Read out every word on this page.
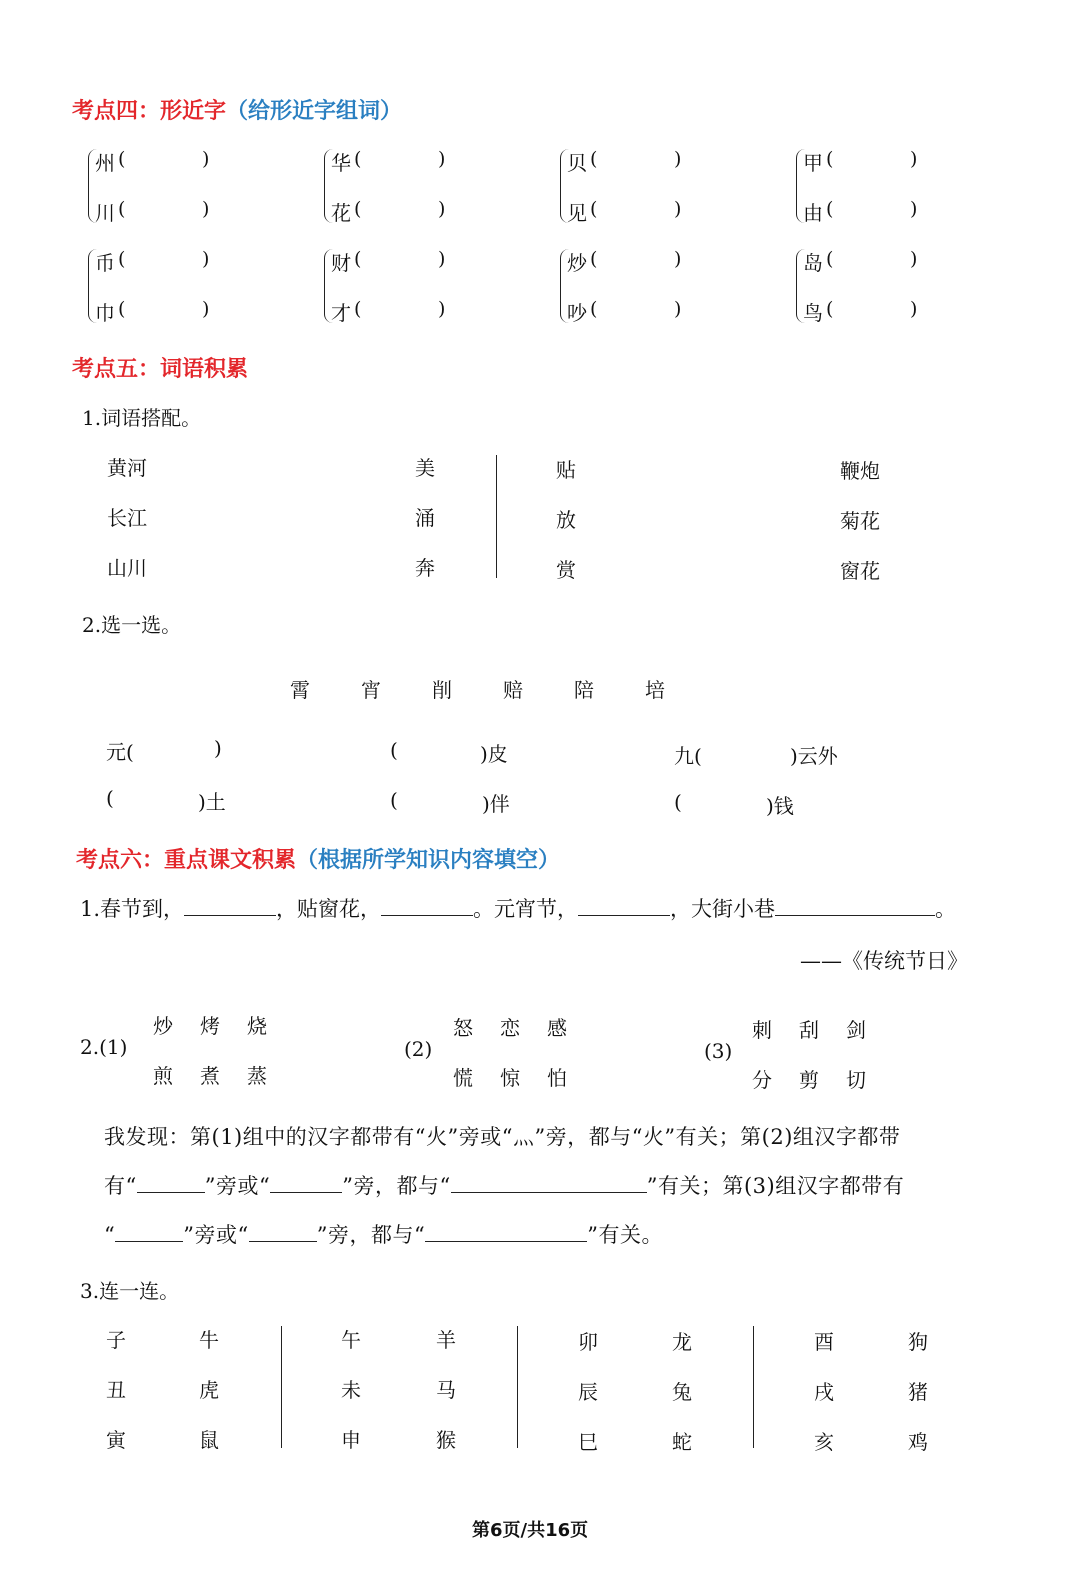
考点四：形近字（给形近字组词）
州 (	)
川 (	)
华 (	)
花 (	)
贝 (	)
见 (	)
甲 (	)
由 (	)
币 (	)
巾 (	)
财 (	)
才 (	)
炒 (	)
吵 (	)
岛 (	)
鸟 (	)
考点五：词语积累
1.词语搭配。
黄河	美	贴	鞭炮
长江	涌	放	菊花
山川	奔	赏	窗花
2.选一选。
霄	宵	削	赔	陪	培
元(	)	(	)皮	九(	)云外
(	)土	(	)伴	(	)钱
考点六：重点课文积累（根据所学知识内容填空）
1.春节到，	，贴窗花，	。元宵节，	，大街小巷	。
——《传统节日》
2.(1)	(2)	(3)
炒 烤 烧
煎 煮 蒸
怒 恋 感
慌 惊 怕
刺 刮 剑
分 剪 切
我发现：第(1)组中的汉字都带有“火”旁或“灬”旁，都与“火”有关；第(2)组汉字都带
有“	”旁或“	”旁，都与“	”有关；第(3)组汉字都带有
“	”旁或“	”旁，都与“	”有关。
3.连一连。
子	牛
丑	虎
寅	鼠
午	羊
未	马
申	猴
卯	龙
辰	兔
巳	蛇
酉	狗
戌	猪
亥	鸡
第6页/共16页
